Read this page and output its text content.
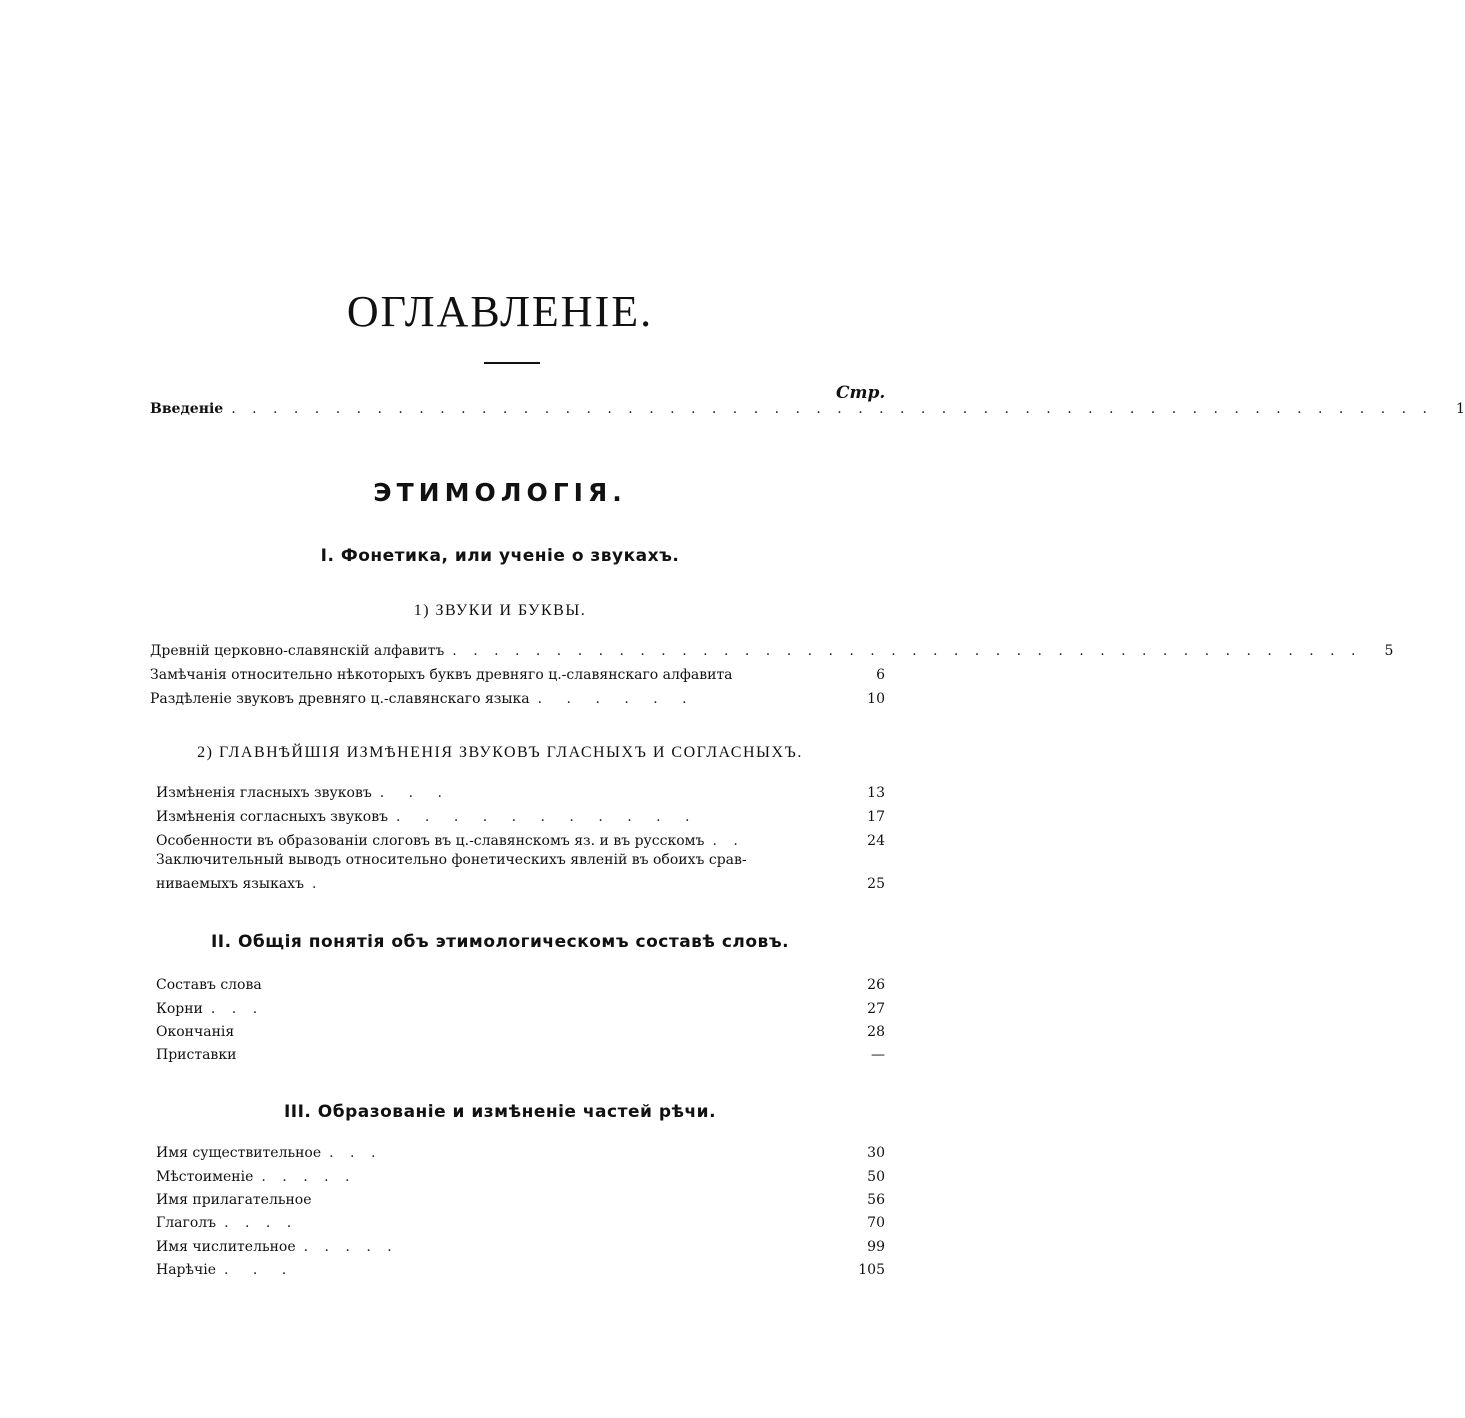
ОГЛАВЛЕНІЕ.
Стр.
Введеніе . . . . . . . . . . . . . . . . . . . . . . . . . . . . . . . . . . . . . . . . . . . . . . . . . . . . . . . . . .	1
ЭТИМОЛОГІЯ.
I. Фонетика, или ученіе о звукахъ.
1) ЗВУКИ И БУКВЫ.
Древній церковно-славянскій алфавитъ . . . . . . . . . . . . . . . . . . . . . . . . . . . . . . . . . . . . . . . . . . . .	5
Замѣчанія относительно нѣкоторыхъ буквъ древняго ц.-славянскаго алфавита	6
Раздѣленіе звуковъ древняго ц.-славянскаго языка . . . . . .	10
2) ГЛАВНѢЙШІЯ ИЗМѢНЕНІЯ ЗВУКОВЪ ГЛАСНЫХЪ И СОГЛАСНЫХЪ.
Измѣненія гласныхъ звуковъ . . .	13
Измѣненія согласныхъ звуковъ . . . . . . . . . . .	17
Особенности въ образованіи слоговъ въ ц.-славянскомъ яз. и въ русскомъ . .	24
Заключительный выводъ относительно фонетическихъ явленій въ обоихъ срав-
ниваемыхъ языкахъ .	25
II. Общія понятія объ этимологическомъ составѣ словъ.
Составъ слова	26
Корни . . .	27
Окончанія	28
Приставки	—
III. Образованіе и измѣненіе частей рѣчи.
Имя существительное . . .	30
Мѣстоименіе . . . . .	50
Имя прилагательное	56
Глаголъ . . . .	70
Имя числительное . . . . .	99
Нарѣчіе . . .	105
